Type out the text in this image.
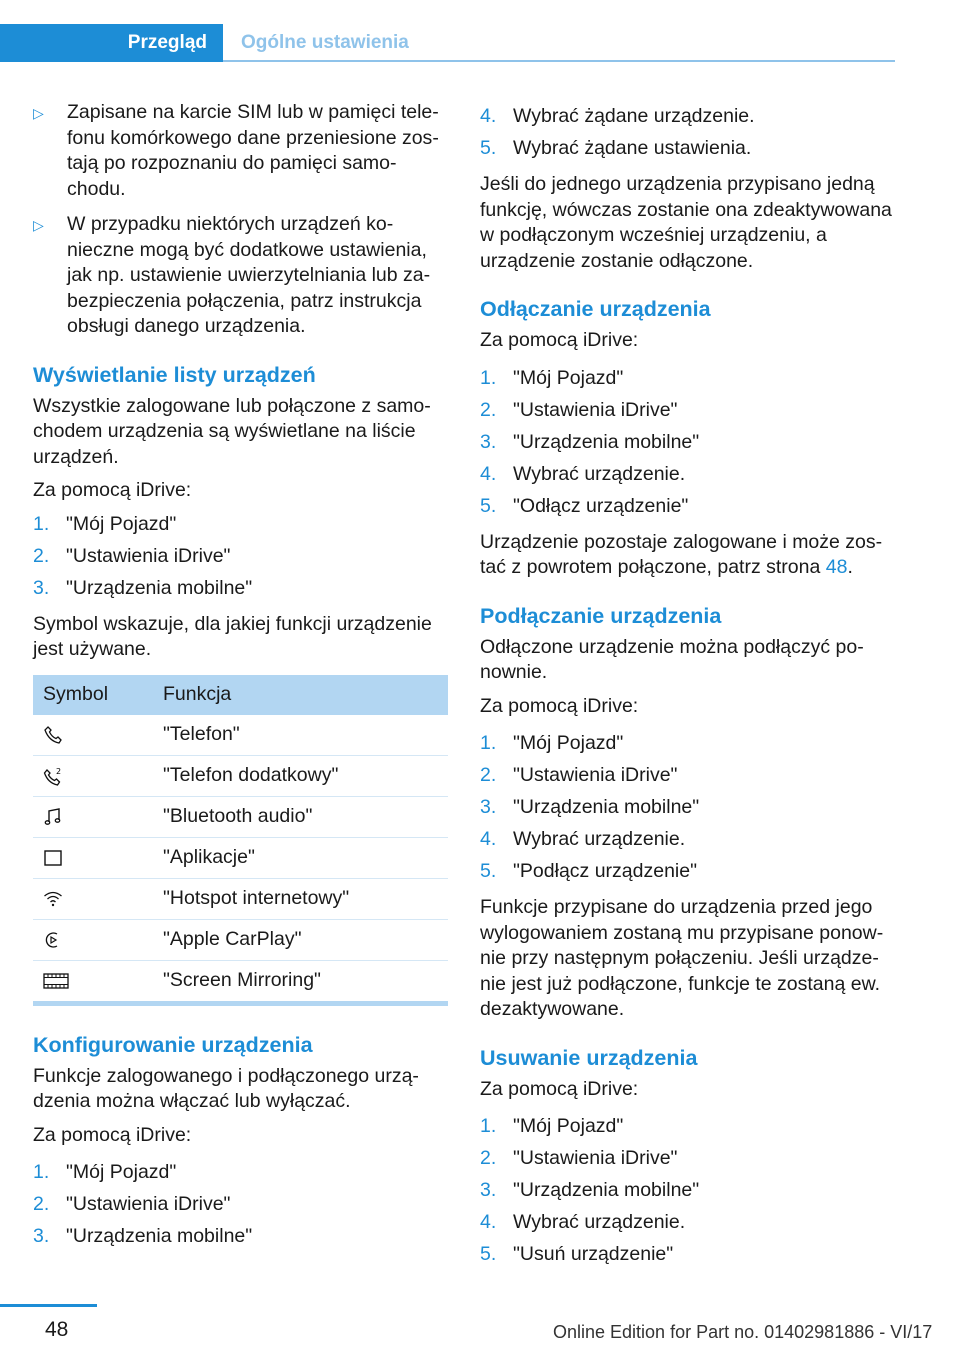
Przegląd	Ogólne ustawienia
▷	Zapisane na karcie SIM lub w pamięci telefonu komórkowego dane przeniesione zostają po rozpoznaniu do pamięci samochodu.
▷	W przypadku niektórych urządzeń konieczne mogą być dodatkowe ustawienia, jak np. ustawienie uwierzytelniania lub zabezpieczenia połączenia, patrz instrukcja obsługi danego urządzenia.
Wyświetlanie listy urządzeń

Wszystkie zalogowane lub połączone z samochodem urządzenia są wyświetlane na liście urządzeń.

Za pomocą iDrive:

1. "Mój Pojazd"
2. "Ustawienia iDrive"
3. "Urządzenia mobilne"

Symbol wskazuje, dla jakiej funkcji urządzenie jest używane.

Symbol	Funkcja
	"Telefon"

2	"Telefon dodatkowy"
	"Bluetooth audio"
	"Aplikacje"
	"Hotspot internetowy"
	"Apple CarPlay"
	"Screen Mirroring"
Konfigurowanie urządzenia

Funkcje zalogowanego i podłączonego urządzenia można włączać lub wyłączać.

Za pomocą iDrive:

1. "Mój Pojazd"
2. "Ustawienia iDrive"
3. "Urządzenia mobilne"
4. Wybrać żądane urządzenie.
5. Wybrać żądane ustawienia.

Jeśli do jednego urządzenia przypisano jedną funkcję, wówczas zostanie ona zdeaktywowana w podłączonym wcześniej urządzeniu, a urządzenie zostanie odłączone.

Odłączanie urządzenia

Za pomocą iDrive:

1. "Mój Pojazd"
2. "Ustawienia iDrive"
3. "Urządzenia mobilne"
4. Wybrać urządzenie.
5. "Odłącz urządzenie"

Urządzenie pozostaje zalogowane i może zostać z powrotem połączone, patrz strona 48.

Podłączanie urządzenia

Odłączone urządzenie można podłączyć ponownie.

Za pomocą iDrive:

1. "Mój Pojazd"
2. "Ustawienia iDrive"
3. "Urządzenia mobilne"
4. Wybrać urządzenie.
5. "Podłącz urządzenie"

Funkcje przypisane do urządzenia przed jego wylogowaniem zostaną mu przypisane ponownie przy następnym połączeniu. Jeśli urządzenie jest już podłączone, funkcje te zostaną ew. dezaktywowane.

Usuwanie urządzenia

Za pomocą iDrive:

1. "Mój Pojazd"
2. "Ustawienia iDrive"
3. "Urządzenia mobilne"
4. Wybrać urządzenie.
5. "Usuń urządzenie"
48	Online Edition for Part no. 01402981886 - VI/17
